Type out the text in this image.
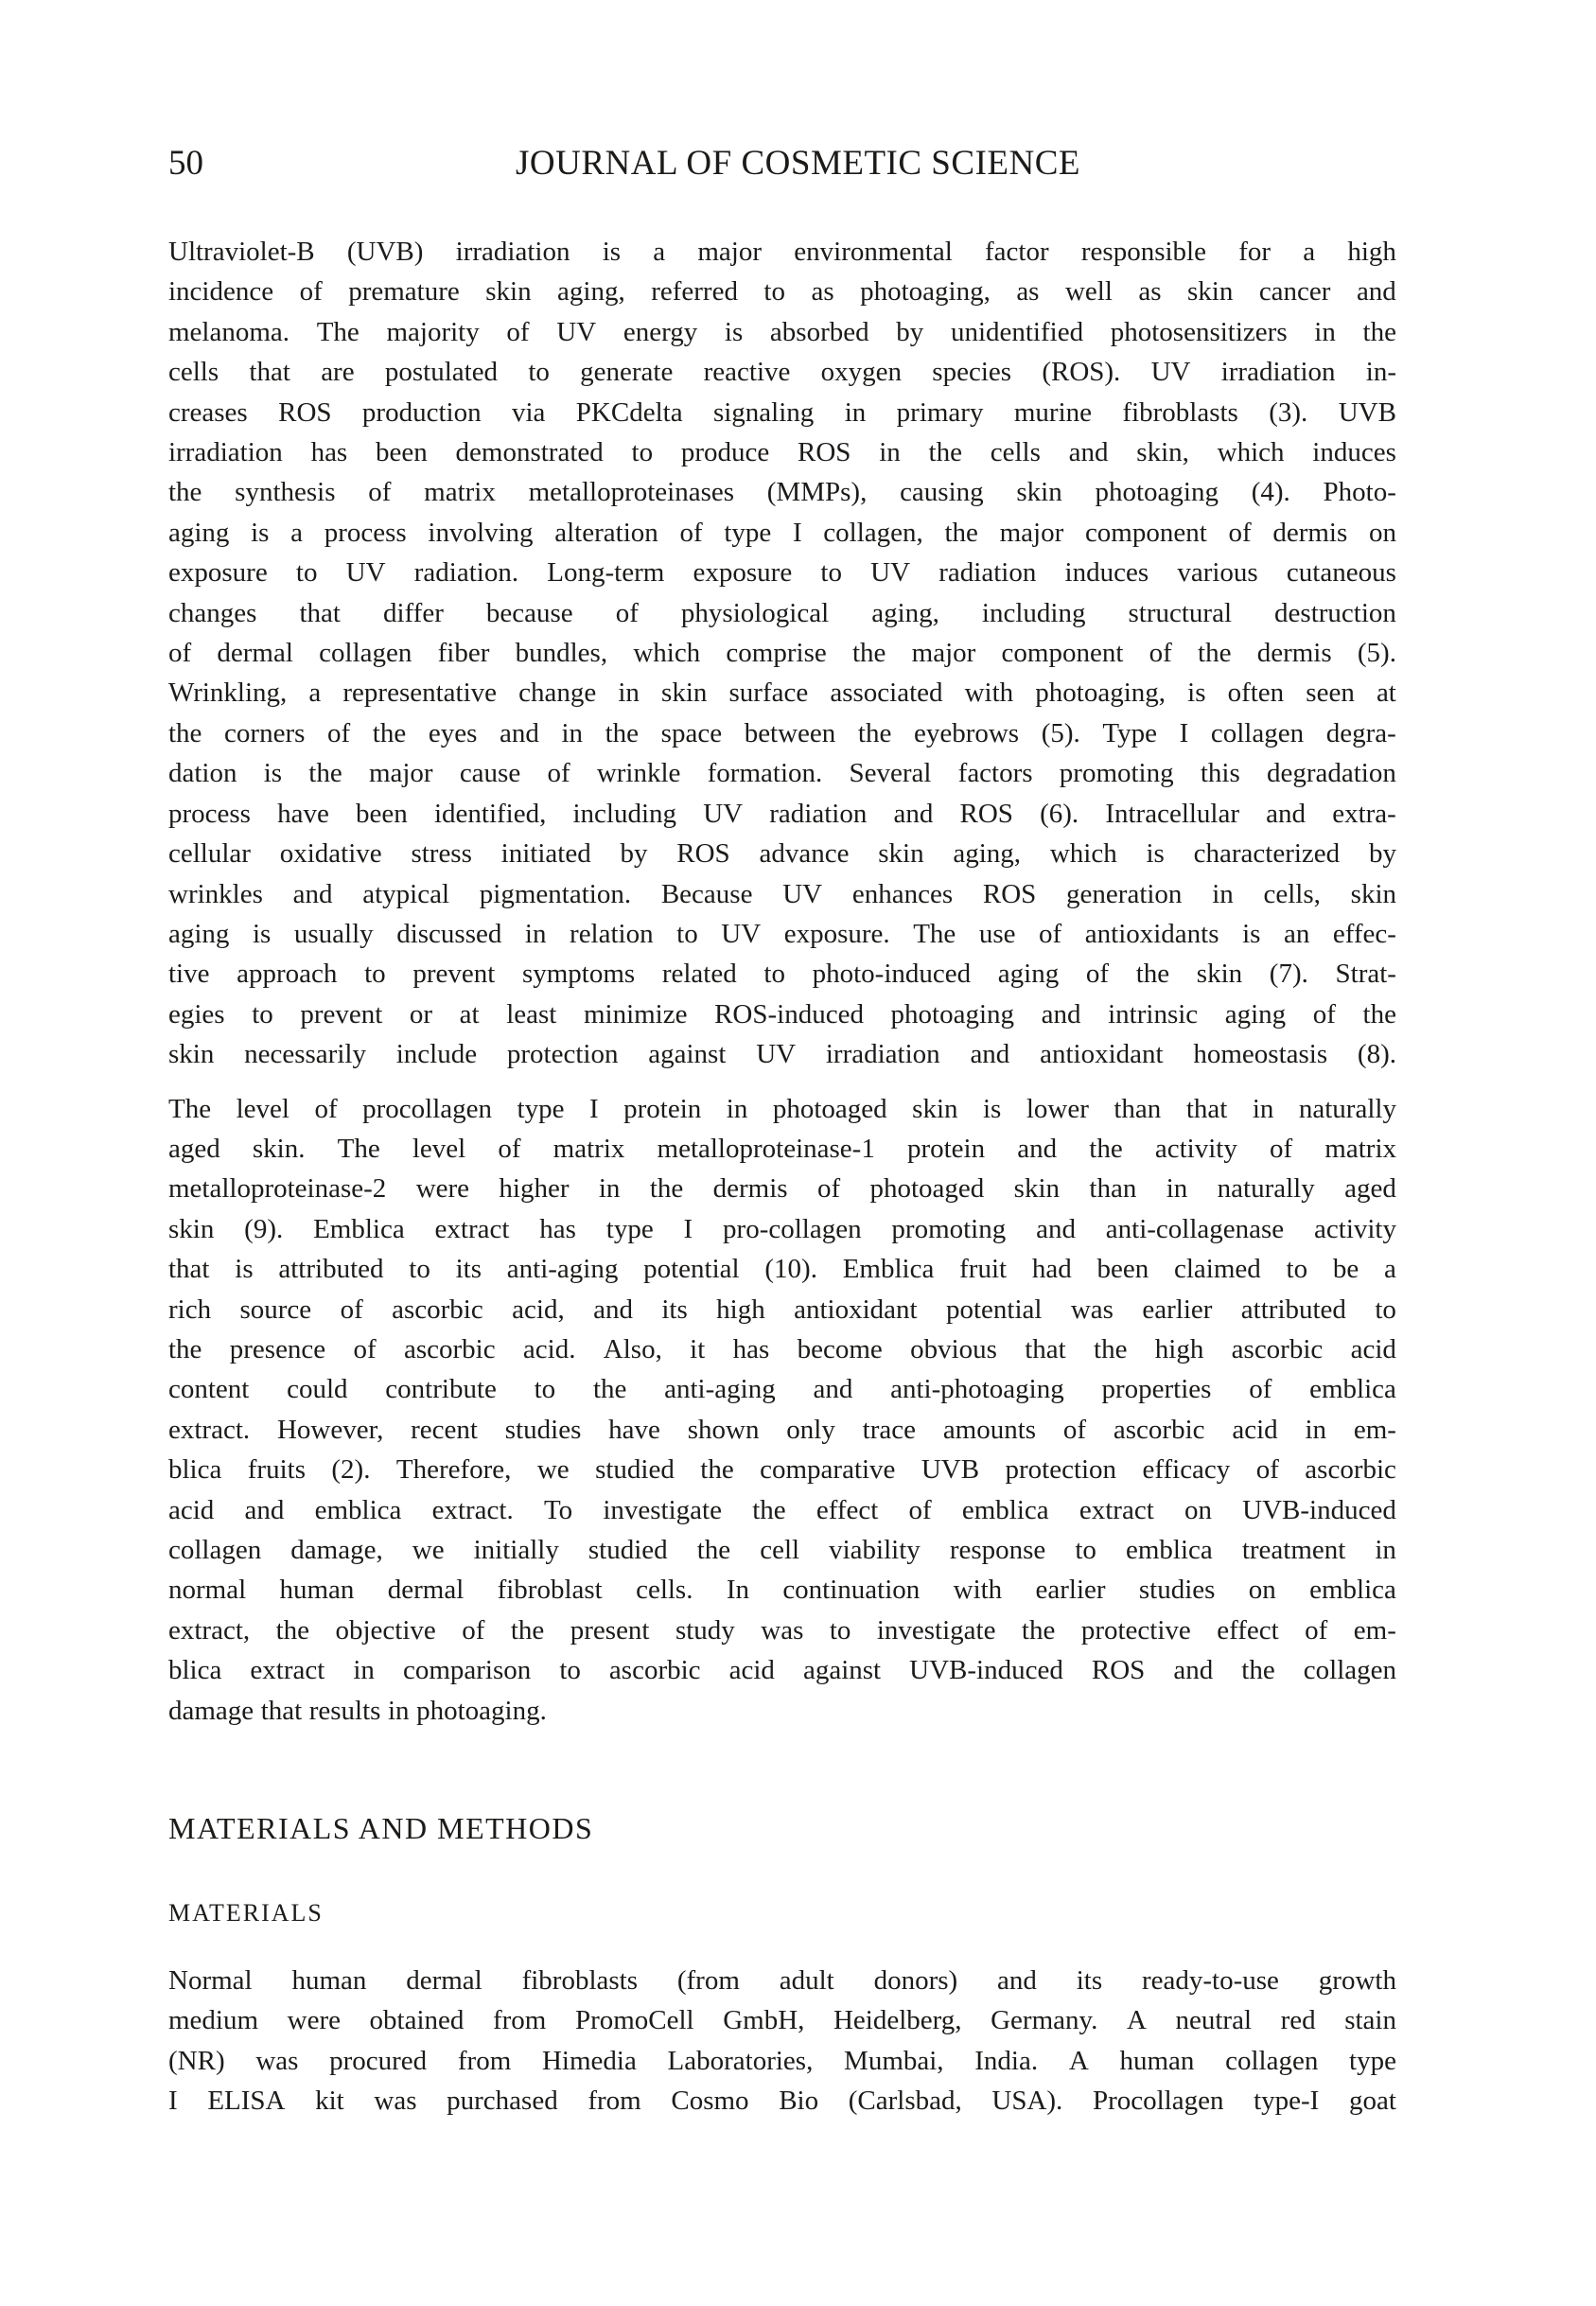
50	JOURNAL OF COSMETIC SCIENCE
Ultraviolet-B (UVB) irradiation is a major environmental factor responsible for a high
incidence of premature skin aging, referred to as photoaging, as well as skin cancer and
melanoma. The majority of UV energy is absorbed by unidentified photosensitizers in the
cells that are postulated to generate reactive oxygen species (ROS). UV irradiation in-
creases ROS production via PKCdelta signaling in primary murine fibroblasts (3). UVB
irradiation has been demonstrated to produce ROS in the cells and skin, which induces
the synthesis of matrix metalloproteinases (MMPs), causing skin photoaging (4). Photo-
aging is a process involving alteration of type I collagen, the major component of dermis on
exposure to UV radiation. Long-term exposure to UV radiation induces various cutaneous
changes that differ because of physiological aging, including structural destruction
of dermal collagen fiber bundles, which comprise the major component of the dermis (5).
Wrinkling, a representative change in skin surface associated with photoaging, is often seen at
the corners of the eyes and in the space between the eyebrows (5). Type I collagen degra-
dation is the major cause of wrinkle formation. Several factors promoting this degradation
process have been identified, including UV radiation and ROS (6). Intracellular and extra-
cellular oxidative stress initiated by ROS advance skin aging, which is characterized by
wrinkles and atypical pigmentation. Because UV enhances ROS generation in cells, skin
aging is usually discussed in relation to UV exposure. The use of antioxidants is an effec-
tive approach to prevent symptoms related to photo-induced aging of the skin (7). Strat-
egies to prevent or at least minimize ROS-induced photoaging and intrinsic aging of the
skin necessarily include protection against UV irradiation and antioxidant homeostasis (8).
The level of procollagen type I protein in photoaged skin is lower than that in naturally
aged skin. The level of matrix metalloproteinase-1 protein and the activity of matrix
metalloproteinase-2 were higher in the dermis of photoaged skin than in naturally aged
skin (9). Emblica extract has type I pro-collagen promoting and anti-collagenase activity
that is attributed to its anti-aging potential (10). Emblica fruit had been claimed to be a
rich source of ascorbic acid, and its high antioxidant potential was earlier attributed to
the presence of ascorbic acid. Also, it has become obvious that the high ascorbic acid
content could contribute to the anti-aging and anti-photoaging properties of emblica
extract. However, recent studies have shown only trace amounts of ascorbic acid in em-
blica fruits (2). Therefore, we studied the comparative UVB protection efficacy of ascorbic
acid and emblica extract. To investigate the effect of emblica extract on UVB-induced
collagen damage, we initially studied the cell viability response to emblica treatment in
normal human dermal fibroblast cells. In continuation with earlier studies on emblica
extract, the objective of the present study was to investigate the protective effect of em-
blica extract in comparison to ascorbic acid against UVB-induced ROS and the collagen
damage that results in photoaging.
MATERIALS AND METHODS
MATERIALS
Normal human dermal fibroblasts (from adult donors) and its ready-to-use growth
medium were obtained from PromoCell GmbH, Heidelberg, Germany. A neutral red stain
(NR) was procured from Himedia Laboratories, Mumbai, India. A human collagen type
I ELISA kit was purchased from Cosmo Bio (Carlsbad, USA). Procollagen type-I goat
